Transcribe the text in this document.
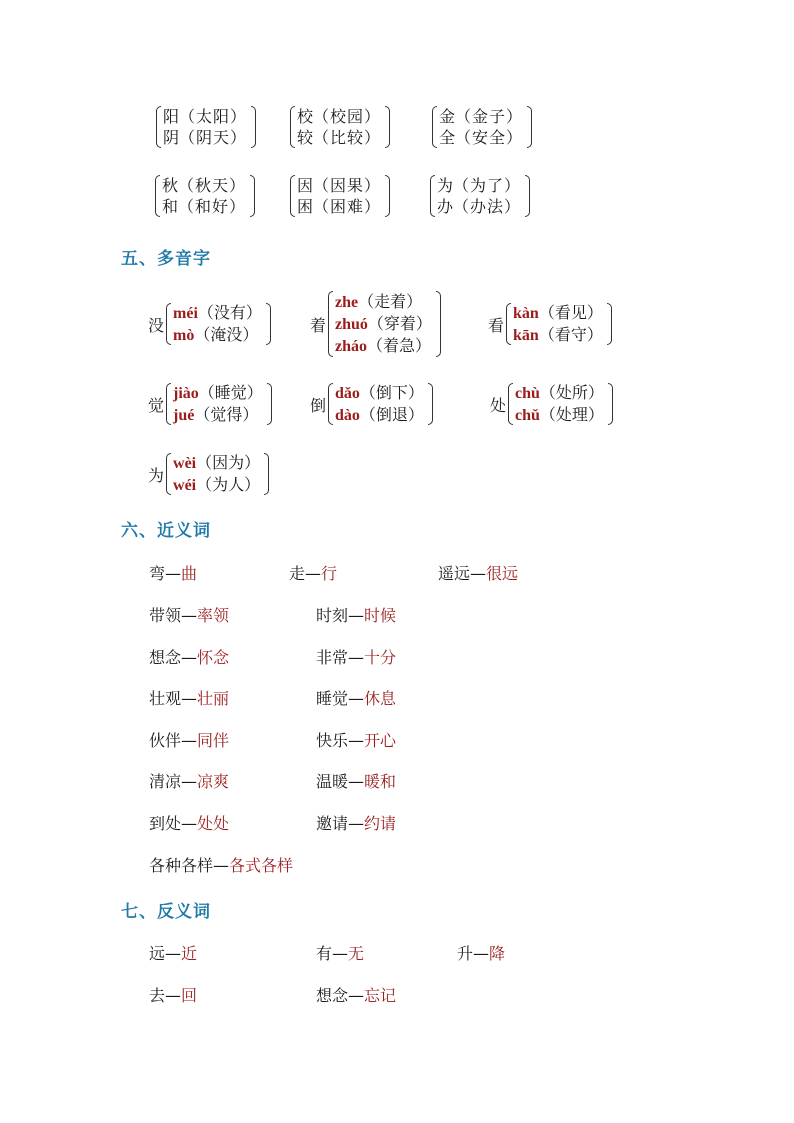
阳（太阳）
阴（阴天）
校（校园）
较（比较）
金（金子）
全（安全）
秋（秋天）
和（和好）
因（因果）
困（困难）
为（为了）
办（办法）
五、多音字
没
méi（没有）
mò（淹没）	着
zhe（走着）
zhuó（穿着）
zháo（着急）
看
kàn（看见）
kān（看守）
觉
jiào（睡觉）
jué（觉得）	倒
dǎo（倒下）
dào（倒退）	处
chù（处所）
chǔ（处理）
为
wèi（因为）
wéi（为人）
六、近义词
弯—曲	走—行	遥远—很远
带领—率领	时刻—时候
想念—怀念	非常—十分
壮观—壮丽	睡觉—休息
伙伴—同伴	快乐—开心
清凉—凉爽	温暖—暖和
到处—处处	邀请—约请
各种各样—各式各样
七、反义词
远—近	有—无	升—降
去—回	想念—忘记
